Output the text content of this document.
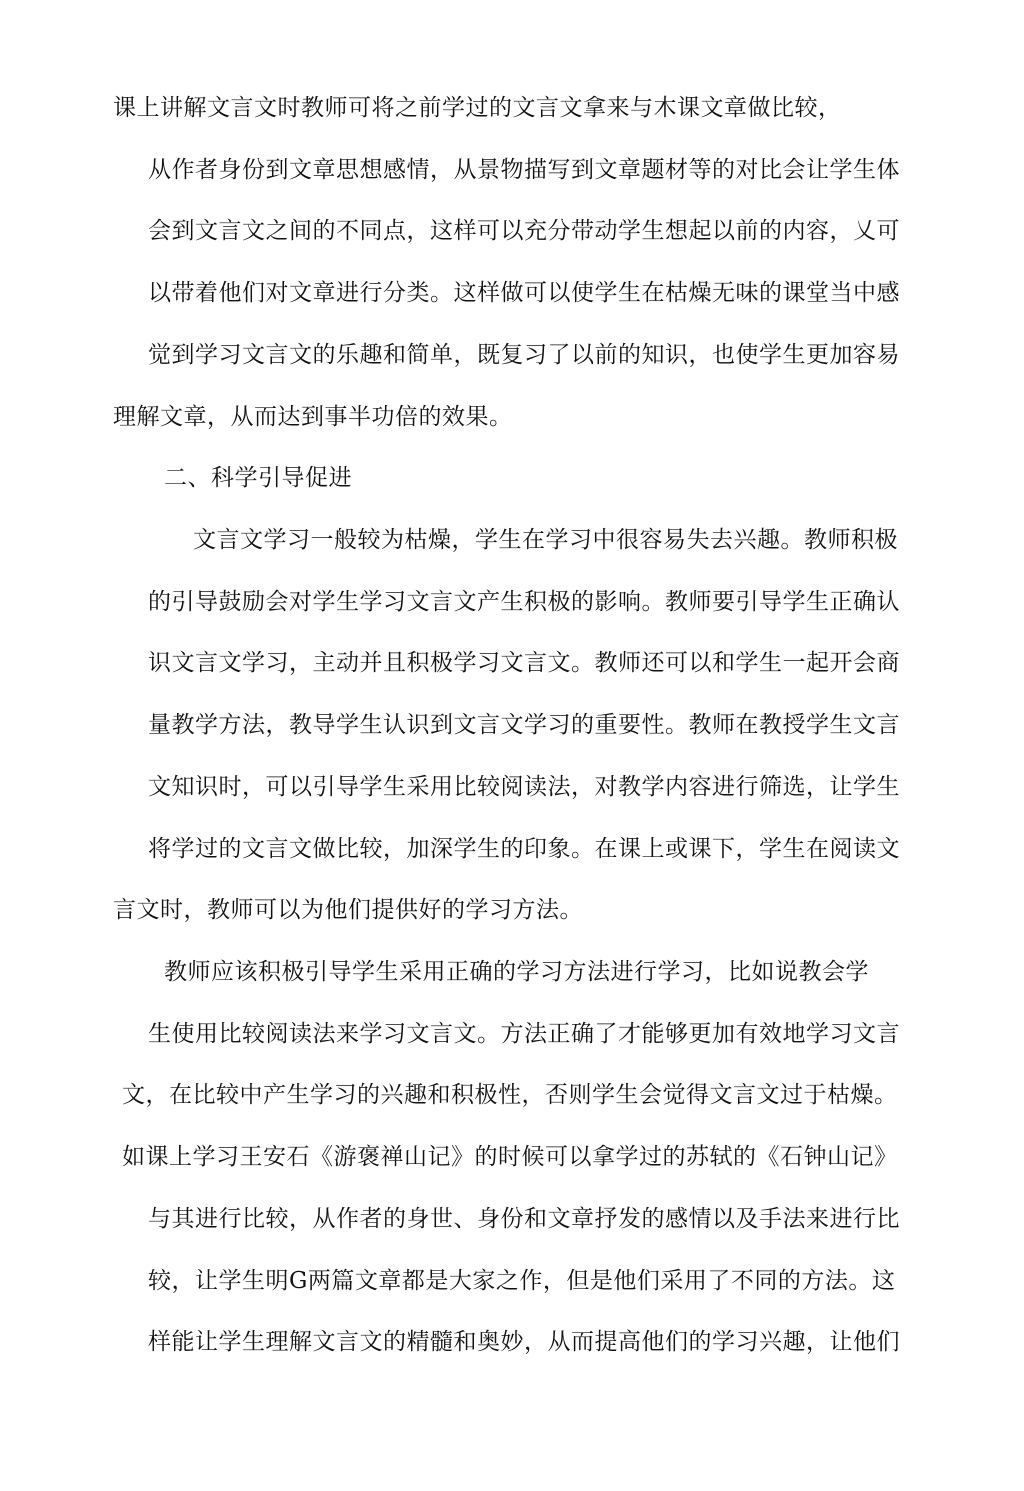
课上讲解文言文时教师可将之前学过的文言文拿来与木课文章做比较，
从作者身份到文章思想感情，从景物描写到文章题材等的对比会让学生体
会到文言文之间的不同点，这样可以充分带动学生想起以前的内容，乂可
以带着他们对文章进行分类。这样做可以使学生在枯燥无味的课堂当中感
觉到学习文言文的乐趣和简单，既复习了以前的知识，也使学生更加容易
理解文章，从而达到事半功倍的效果。
二、科学引导促进
文言文学习一般较为枯燥，学生在学习中很容易失去兴趣。教师积极
的引导鼓励会对学生学习文言文产生积极的影响。教师要引导学生正确认
识文言文学习，主动并且积极学习文言文。教师还可以和学生一起开会商
量教学方法，教导学生认识到文言文学习的重要性。教师在教授学生文言
文知识时，可以引导学生采用比较阅读法，对教学内容进行筛选，让学生
将学过的文言文做比较，加深学生的印象。在课上或课下，学生在阅读文
言文时，教师可以为他们提供好的学习方法。
教师应该积极引导学生采用正确的学习方法进行学习，比如说教会学
生使用比较阅读法来学习文言文。方法正确了才能够更加有效地学习文言
文，在比较中产生学习的兴趣和积极性，否则学生会觉得文言文过于枯燥。
如课上学习王安石《游褒禅山记》的时候可以拿学过的苏轼的《石钟山记》
与其进行比较，从作者的身世、身份和文章抒发的感情以及手法来进行比
较，让学生明G两篇文章都是大家之作，但是他们采用了不同的方法。这
样能让学生理解文言文的精髓和奥妙，从而提高他们的学习兴趣，让他们
